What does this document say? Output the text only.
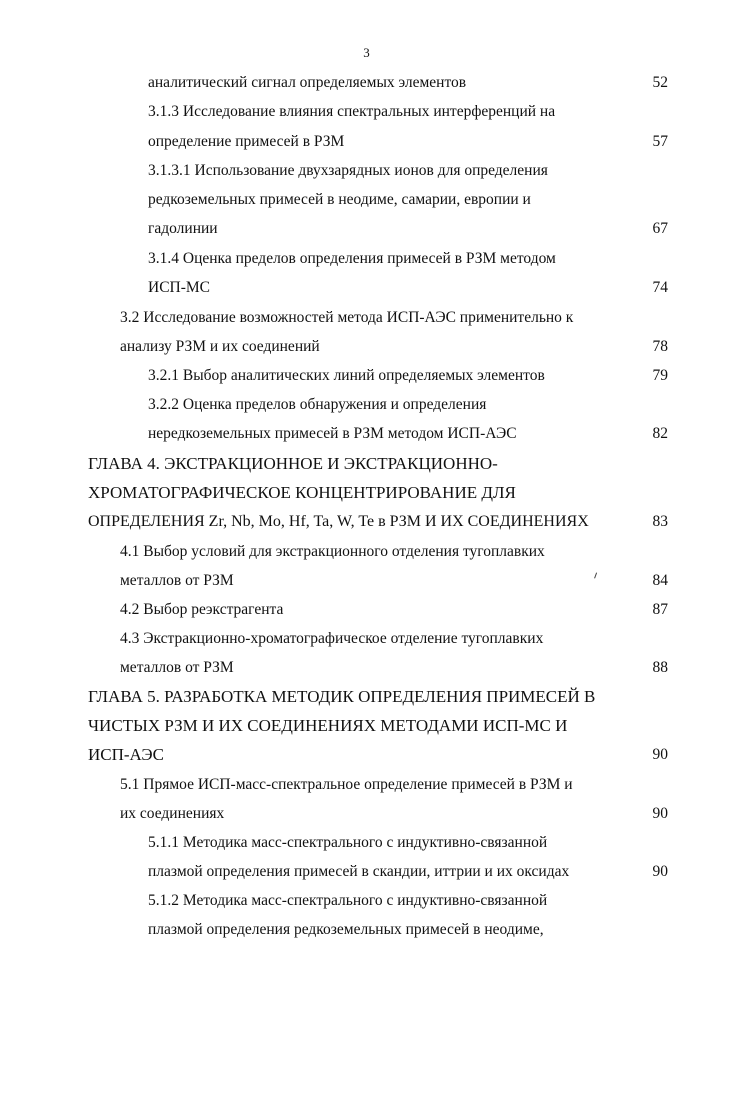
3
аналитический сигнал определяемых элементов	52
3.1.3 Исследование влияния спектральных интерференций на
определение примесей в РЗМ	57
3.1.3.1 Использование двухзарядных ионов для определения
редкоземельных примесей в неодиме, самарии, европии и
гадолинии	67
3.1.4 Оценка пределов определения примесей в РЗМ методом
ИСП-МС	74
3.2 Исследование возможностей метода ИСП-АЭС применительно к
анализу РЗМ и их соединений	78
3.2.1 Выбор аналитических линий определяемых элементов	79
3.2.2 Оценка пределов обнаружения и определения
нередкоземельных примесей в РЗМ методом ИСП-АЭС	82
ГЛАВА 4. ЭКСТРАКЦИОННОЕ И ЭКСТРАКЦИОННО-
ХРОМАТОГРАФИЧЕСКОЕ КОНЦЕНТРИРОВАНИЕ ДЛЯ
ОПРЕДЕЛЕНИЯ Zr, Nb, Mo, Hf, Ta, W, Te в РЗМ И ИХ СОЕДИНЕНИЯХ	83
4.1 Выбор условий для экстракционного отделения тугоплавких
металлов от РЗМ	84
4.2 Выбор реэкстрагента	87
4.3 Экстракционно-хроматографическое отделение тугоплавких
металлов от РЗМ	88
ГЛАВА 5. РАЗРАБОТКА МЕТОДИК ОПРЕДЕЛЕНИЯ ПРИМЕСЕЙ В
ЧИСТЫХ РЗМ И ИХ СОЕДИНЕНИЯХ МЕТОДАМИ ИСП-МС И
ИСП-АЭС	90
5.1 Прямое ИСП-масс-спектральное определение примесей в РЗМ и
их соединениях	90
5.1.1 Методика масс-спектрального с индуктивно-связанной
плазмой определения примесей в скандии, иттрии и их оксидах	90
5.1.2 Методика масс-спектрального с индуктивно-связанной
плазмой определения редкоземельных примесей в неодиме,
